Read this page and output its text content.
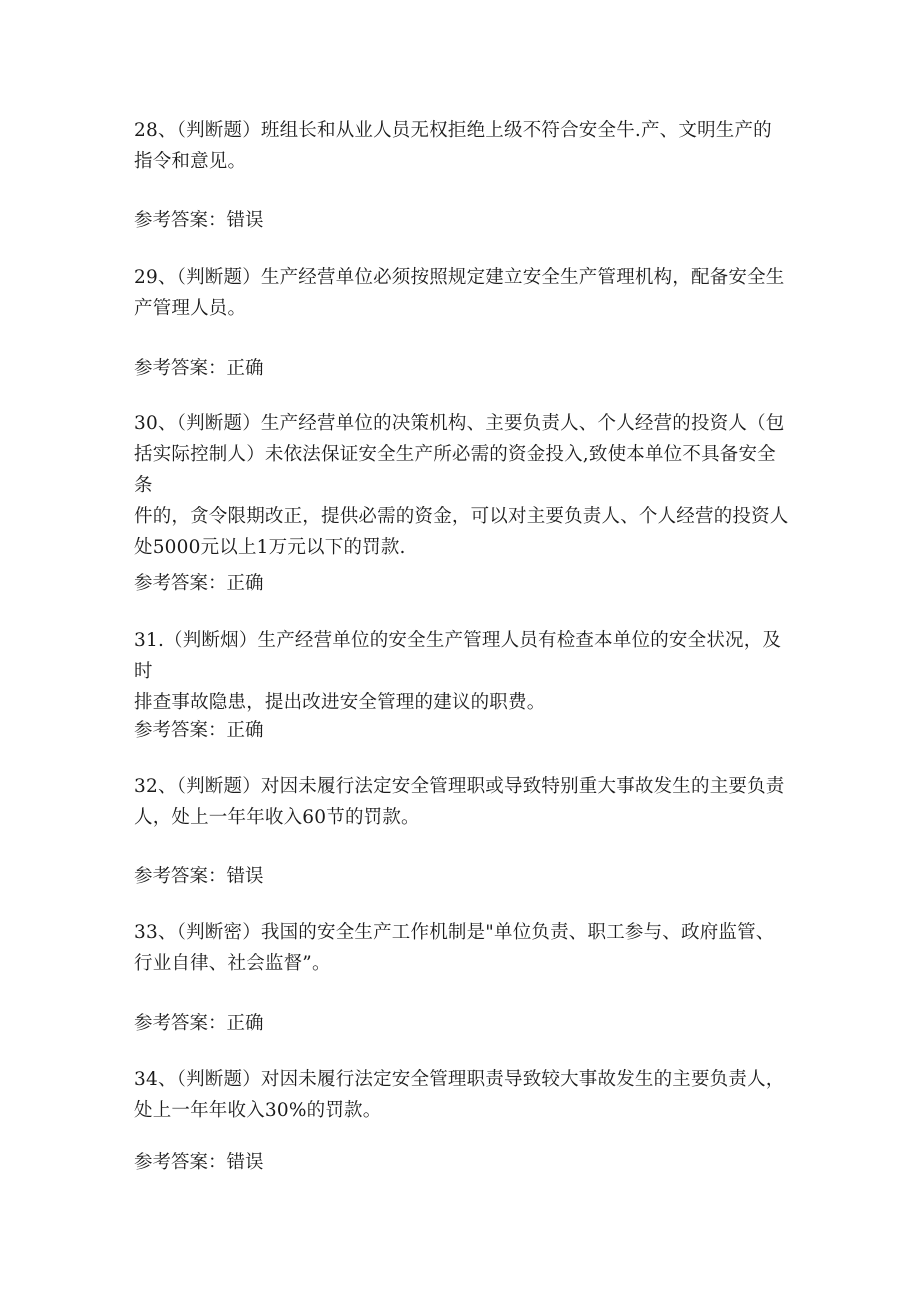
28、（判断题）班组长和从业人员无权拒绝上级不符合安全牛.产、文明生产的
指令和意见。

参考答案：错误

29、（判断题）生产经营单位必须按照规定建立安全生产管理机构，配备安全生
产管理人员。

参考答案：正确

30、（判断题）生产经营单位的决策机构、主要负责人、个人经营的投资人（包
括实际控制人）未依法保证安全生产所必需的资金投入,致使本单位不具备安全条
件的，贪令限期改正，提供必需的资金，可以对主要负责人、个人经营的投资人
处5000元以上1万元以下的罚款.

参考答案：正确

31.（判断烟）生产经营单位的安全生产管理人员有检查本单位的安全状况，及时
排查事故隐患，提出改进安全管理的建议的职费。

参考答案：正确

32、（判断题）对因未履行法定安全管理职或导致特别重大事故发生的主要负责
人，处上一年年收入60节的罚款。

参考答案：错误

33、（判断密）我国的安全生产工作机制是"单位负责、职工参与、政府监管、
行业自律、社会监督”。

参考答案：正确

34、（判断题）对因未履行法定安全管理职责导致较大事故发生的主要负责人，
处上一年年收入30%的罚款。

参考答案：错误
